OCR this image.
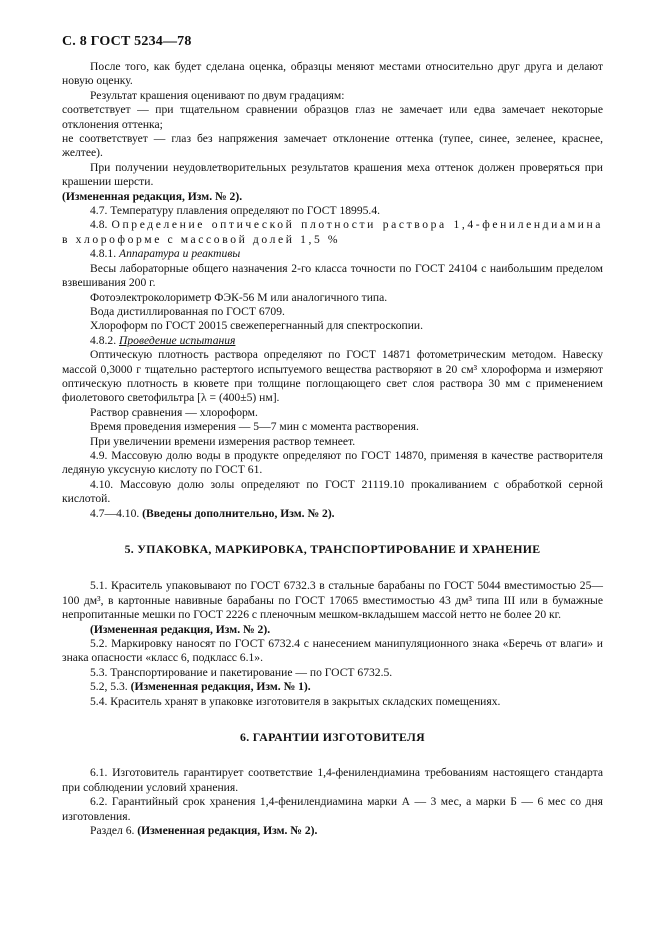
С. 8 ГОСТ 5234—78

После того, как будет сделана оценка, образцы меняют местами относительно друг друга и делают новую оценку.

Результат крашения оценивают по двум градациям:

соответствует — при тщательном сравнении образцов глаз не замечает или едва замечает некоторые отклонения оттенка;

не соответствует — глаз без напряжения замечает отклонение оттенка (тупее, синее, зеленее, краснее, желтее).

При получении неудовлетворительных результатов крашения меха оттенок должен проверяться при крашении шерсти.

(Измененная редакция, Изм. № 2).

4.7. Температуру плавления определяют по ГОСТ 18995.4.

4.8. Определение оптической плотности раствора 1,4-фенилендиамина в хлороформе с массовой долей 1,5 %

4.8.1. Аппаратура и реактивы

Весы лабораторные общего назначения 2-го класса точности по ГОСТ 24104 с наибольшим пределом взвешивания 200 г.

Фотоэлектроколориметр ФЭК-56 М или аналогичного типа.

Вода дистиллированная по ГОСТ 6709.

Хлороформ по ГОСТ 20015 свежеперегнанный для спектроскопии.

4.8.2. Проведение испытания

Оптическую плотность раствора определяют по ГОСТ 14871 фотометрическим методом. Навеску массой 0,3000 г тщательно растертого испытуемого вещества растворяют в 20 см³ хлороформа и измеряют оптическую плотность в кювете при толщине поглощающего свет слоя раствора 30 мм с применением фиолетового светофильтра [λ = (400±5) нм].

Раствор сравнения — хлороформ.

Время проведения измерения — 5—7 мин с момента растворения.

При увеличении времени измерения раствор темнеет.

4.9. Массовую долю воды в продукте определяют по ГОСТ 14870, применяя в качестве растворителя ледяную уксусную кислоту по ГОСТ 61.

4.10. Массовую долю золы определяют по ГОСТ 21119.10 прокаливанием с обработкой серной кислотой.

4.7—4.10. (Введены дополнительно, Изм. № 2).

5. УПАКОВКА, МАРКИРОВКА, ТРАНСПОРТИРОВАНИЕ И ХРАНЕНИЕ

5.1. Краситель упаковывают по ГОСТ 6732.3 в стальные барабаны по ГОСТ 5044 вместимостью 25—100 дм³, в картонные навивные барабаны по ГОСТ 17065 вместимостью 43 дм³ типа III или в бумажные непропитанные мешки по ГОСТ 2226 с пленочным мешком-вкладышем массой нетто не более 20 кг.

(Измененная редакция, Изм. № 2).

5.2. Маркировку наносят по ГОСТ 6732.4 с нанесением манипуляционного знака «Беречь от влаги» и знака опасности «класс 6, подкласс 6.1».

5.3. Транспортирование и пакетирование — по ГОСТ 6732.5.

5.2, 5.3. (Измененная редакция, Изм. № 1).

5.4. Краситель хранят в упаковке изготовителя в закрытых складских помещениях.

6. ГАРАНТИИ ИЗГОТОВИТЕЛЯ

6.1. Изготовитель гарантирует соответствие 1,4-фенилендиамина требованиям настоящего стандарта при соблюдении условий хранения.

6.2. Гарантийный срок хранения 1,4-фенилендиамина марки А — 3 мес, а марки Б — 6 мес со дня изготовления.

Раздел 6. (Измененная редакция, Изм. № 2).
